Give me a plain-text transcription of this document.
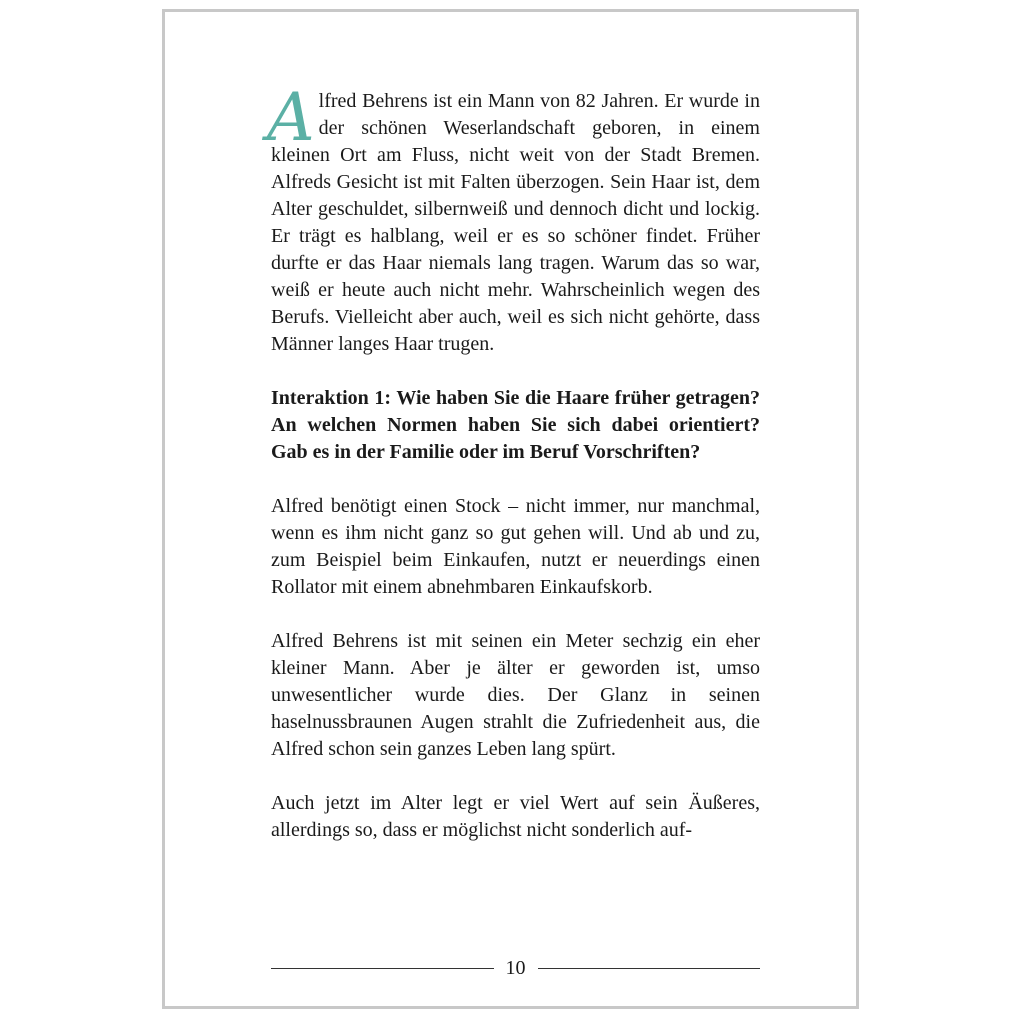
Alfred Behrens ist ein Mann von 82 Jahren. Er wurde in der schönen Weserlandschaft geboren, in einem kleinen Ort am Fluss, nicht weit von der Stadt Bremen. Alfreds Gesicht ist mit Falten überzogen. Sein Haar ist, dem Alter geschuldet, silbernweiß und dennoch dicht und lockig. Er trägt es halblang, weil er es so schöner findet. Früher durfte er das Haar niemals lang tragen. Warum das so war, weiß er heute auch nicht mehr. Wahrscheinlich wegen des Berufs. Vielleicht aber auch, weil es sich nicht gehörte, dass Männer langes Haar trugen.

Interaktion 1: Wie haben Sie die Haare früher getragen? An welchen Normen haben Sie sich dabei orientiert? Gab es in der Familie oder im Beruf Vorschriften?

Alfred benötigt einen Stock – nicht immer, nur manchmal, wenn es ihm nicht ganz so gut gehen will. Und ab und zu, zum Beispiel beim Einkaufen, nutzt er neuerdings einen Rollator mit einem abnehmbaren Einkaufskorb.

Alfred Behrens ist mit seinen ein Meter sechzig ein eher kleiner Mann. Aber je älter er geworden ist, umso unwesentlicher wurde dies. Der Glanz in seinen haselnussbraunen Augen strahlt die Zufriedenheit aus, die Alfred schon sein ganzes Leben lang spürt.

Auch jetzt im Alter legt er viel Wert auf sein Äußeres, allerdings so, dass er möglichst nicht sonderlich auf-

10
